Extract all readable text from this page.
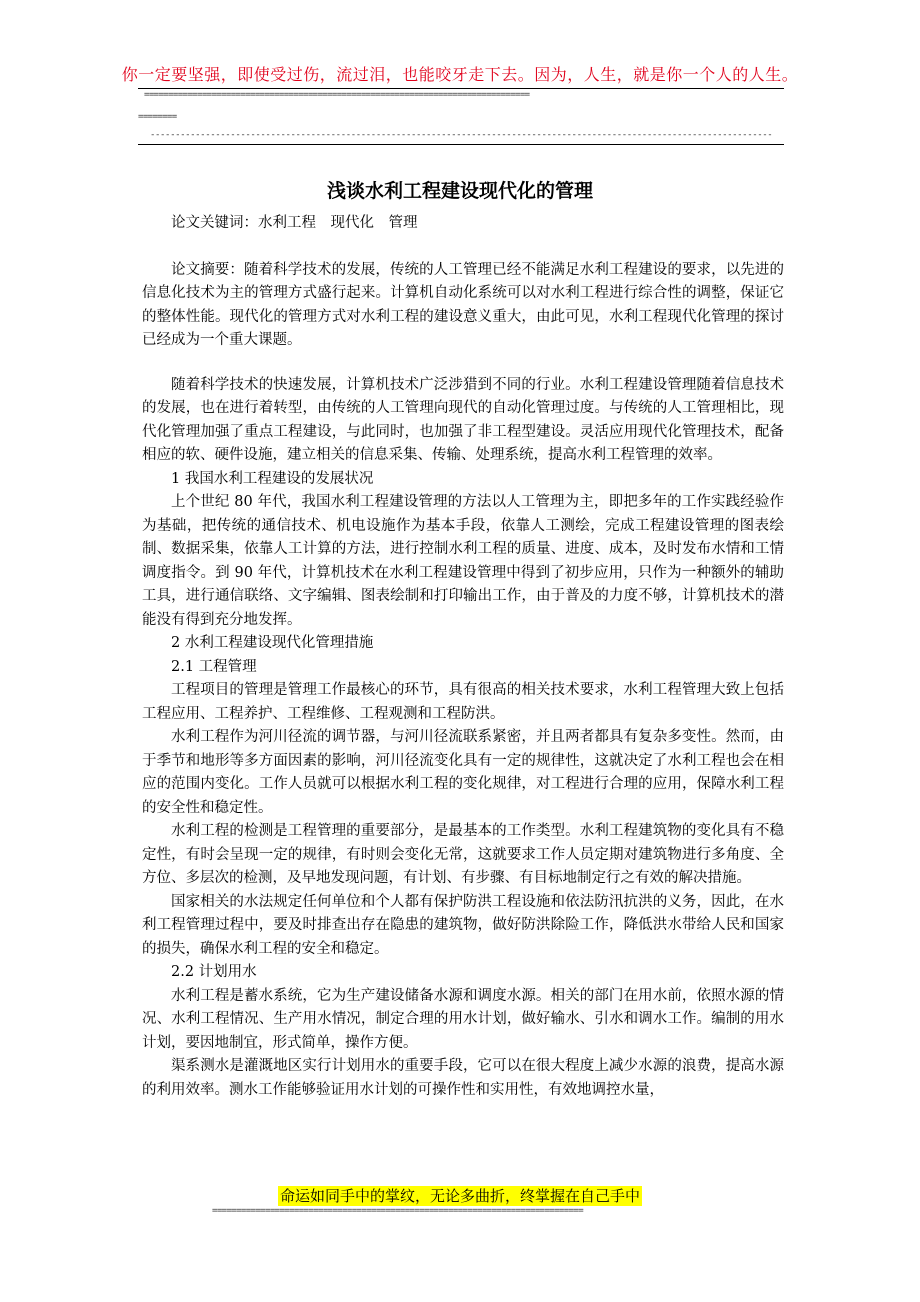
你一定要坚强，即使受过伤，流过泪，也能咬牙走下去。因为，人生，就是你一个人的人生。
================================================================================
========
----------------------------------------------------------------------------------------------------------------------------
浅谈水利工程建设现代化的管理

论文关键词：水利工程　现代化　管理

论文摘要：随着科学技术的发展，传统的人工管理已经不能满足水利工程建设的要求，以先进的信息化技术为主的管理方式盛行起来。计算机自动化系统可以对水利工程进行综合性的调整，保证它的整体性能。现代化的管理方式对水利工程的建设意义重大，由此可见，水利工程现代化管理的探讨已经成为一个重大课题。

随着科学技术的快速发展，计算机技术广泛涉猎到不同的行业。水利工程建设管理随着信息技术的发展，也在进行着转型，由传统的人工管理向现代的自动化管理过度。与传统的人工管理相比，现代化管理加强了重点工程建设，与此同时，也加强了非工程型建设。灵活应用现代化管理技术，配备相应的软、硬件设施，建立相关的信息采集、传输、处理系统，提高水利工程管理的效率。

1 我国水利工程建设的发展状况

上个世纪 80 年代，我国水利工程建设管理的方法以人工管理为主，即把多年的工作实践经验作为基础，把传统的通信技术、机电设施作为基本手段，依靠人工测绘，完成工程建设管理的图表绘制、数据采集，依靠人工计算的方法，进行控制水利工程的质量、进度、成本，及时发布水情和工情调度指令。到 90 年代，计算机技术在水利工程建设管理中得到了初步应用，只作为一种额外的辅助工具，进行通信联络、文字编辑、图表绘制和打印输出工作，由于普及的力度不够，计算机技术的潜能没有得到充分地发挥。

2 水利工程建设现代化管理措施

2.1 工程管理

工程项目的管理是管理工作最核心的环节，具有很高的相关技术要求，水利工程管理大致上包括工程应用、工程养护、工程维修、工程观测和工程防洪。

水利工程作为河川径流的调节器，与河川径流联系紧密，并且两者都具有复杂多变性。然而，由于季节和地形等多方面因素的影响，河川径流变化具有一定的规律性，这就决定了水利工程也会在相应的范围内变化。工作人员就可以根据水利工程的变化规律，对工程进行合理的应用，保障水利工程的安全性和稳定性。

水利工程的检测是工程管理的重要部分，是最基本的工作类型。水利工程建筑物的变化具有不稳定性，有时会呈现一定的规律，有时则会变化无常，这就要求工作人员定期对建筑物进行多角度、全方位、多层次的检测，及早地发现问题，有计划、有步骤、有目标地制定行之有效的解决措施。

国家相关的水法规定任何单位和个人都有保护防洪工程设施和依法防汛抗洪的义务，因此，在水利工程管理过程中，要及时排查出存在隐患的建筑物，做好防洪除险工作，降低洪水带给人民和国家的损失，确保水利工程的安全和稳定。

2.2 计划用水

水利工程是蓄水系统，它为生产建设储备水源和调度水源。相关的部门在用水前，依照水源的情况、水利工程情况、生产用水情况，制定合理的用水计划，做好输水、引水和调水工作。编制的用水计划，要因地制宜，形式简单，操作方便。

渠系测水是灌溉地区实行计划用水的重要手段，它可以在很大程度上减少水源的浪费，提高水源的利用效率。测水工作能够验证用水计划的可操作性和实用性，有效地调控水量，

命运如同手中的掌纹，无论多曲折，终掌握在自己手中
=============================================================================
